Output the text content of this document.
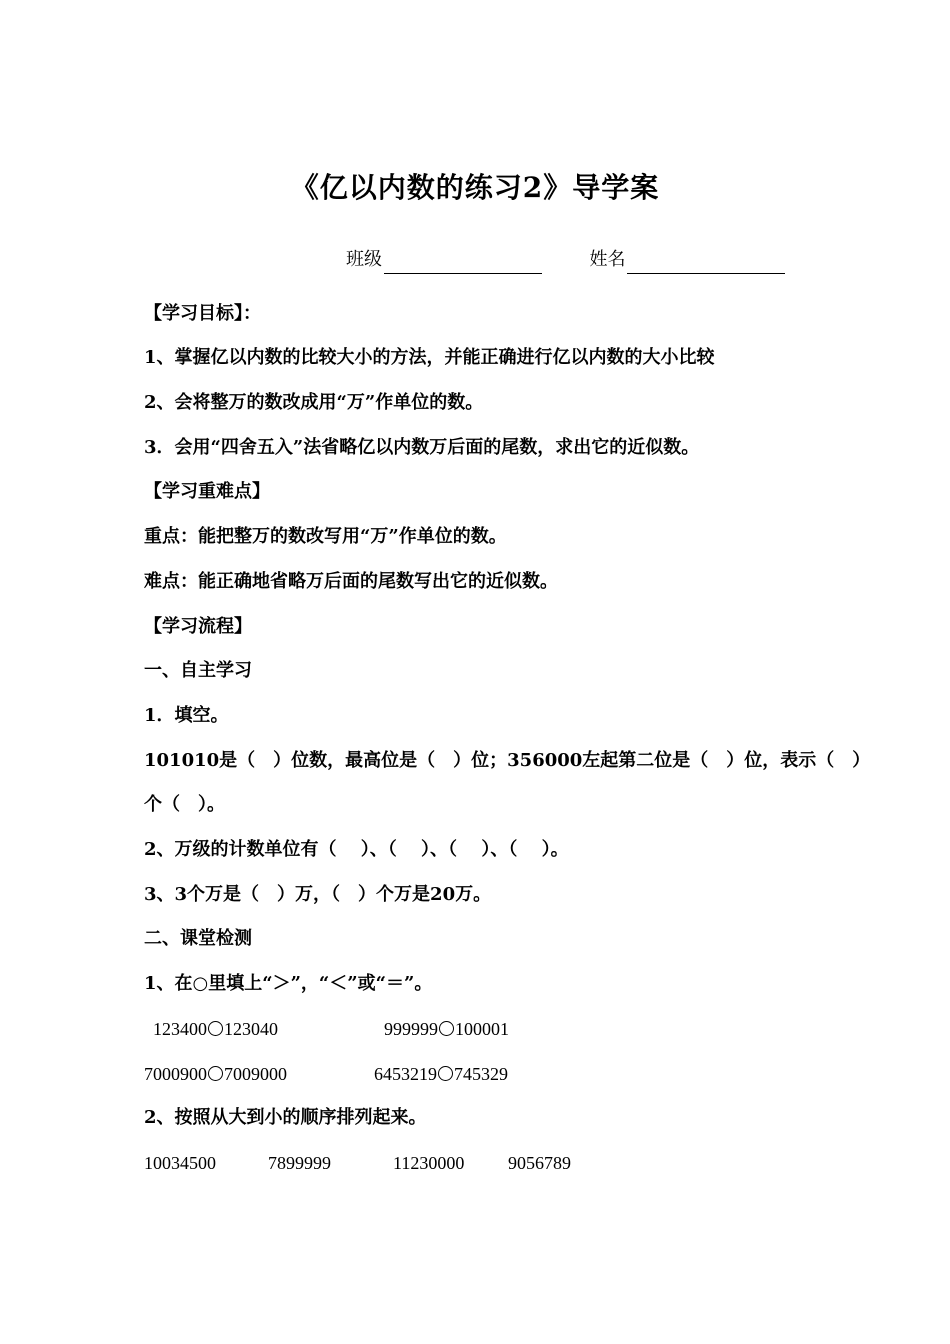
《亿以内数的练习2》导学案
班级	姓名
【学习目标】：
1、掌握亿以内数的比较大小的方法，并能正确进行亿以内数的大小比较
2、会将整万的数改成用“万”作单位的数。
3．会用“四舍五入”法省略亿以内数万后面的尾数，求出它的近似数。
【学习重难点】
重点：能把整万的数改写用“万”作单位的数。
难点：能正确地省略万后面的尾数写出它的近似数。
【学习流程】
一、自主学习
1．填空。
101010是（　）位数，最高位是（　）位；356000左起第二位是（　）位，表示（　）
个（　）。
2、万级的计数单位有（　 ）、（　 ）、（　 ）、（　 ）。
3、3个万是（　）万，（　）个万是20万。
二、课堂检测
1、在○里填上“＞”，“＜”或“＝”。
123400 123040	999999 100001
7000900 7009000	6453219 745329
2、按照从大到小的顺序排列起来。
10034500	7899999	11230000 9056789
